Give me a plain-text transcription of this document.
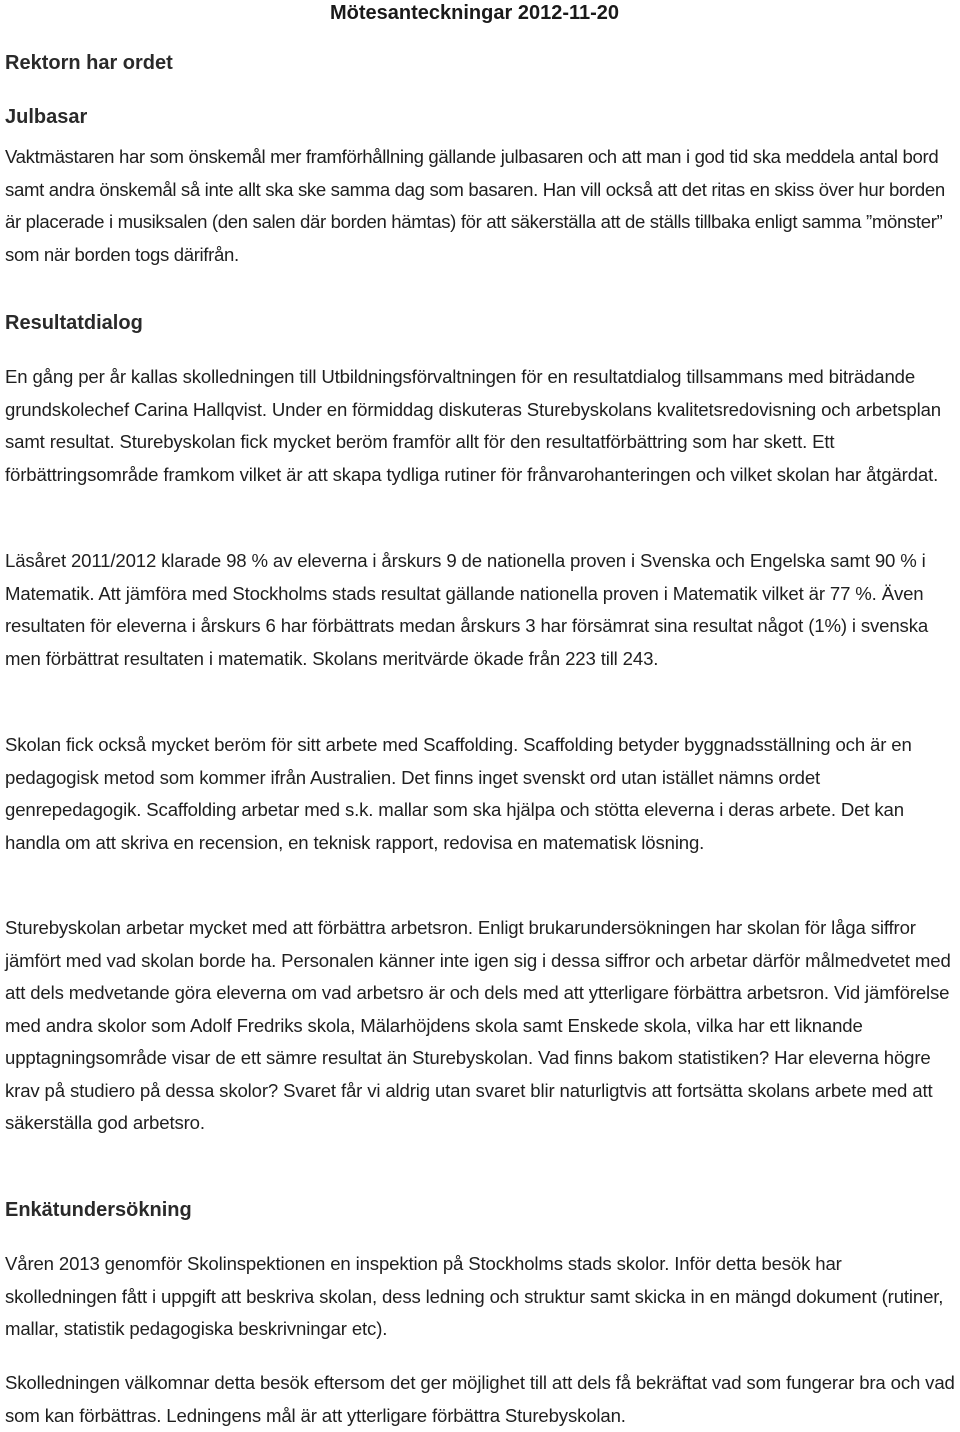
Mötesanteckningar 2012-11-20
Rektorn har ordet
Julbasar

Vaktmästaren har som önskemål mer framförhållning gällande julbasaren och att man i god tid ska meddela antal bord samt andra önskemål så inte allt ska ske samma dag som basaren. Han vill också att det ritas en skiss över hur borden är placerade i musiksalen (den salen där borden hämtas) för att säkerställa att de ställs tillbaka enligt samma ”mönster” som när borden togs därifrån.

Resultatdialog

En gång per år kallas skolledningen till Utbildningsförvaltningen för en resultatdialog tillsammans med biträdande grundskolechef Carina Hallqvist. Under en förmiddag diskuteras Sturebyskolans kvalitetsredovisning och arbetsplan samt resultat. Sturebyskolan fick mycket beröm framför allt för den resultatförbättring som har skett. Ett förbättringsområde framkom vilket är att skapa tydliga rutiner för frånvarohanteringen och vilket skolan har åtgärdat.

Läsåret 2011/2012 klarade 98 % av eleverna i årskurs 9 de nationella proven i Svenska och Engelska samt 90 % i Matematik. Att jämföra med Stockholms stads resultat gällande nationella proven i Matematik vilket är 77 %. Även resultaten för eleverna i årskurs 6 har förbättrats medan årskurs 3 har försämrat sina resultat något (1%) i svenska men förbättrat resultaten i matematik. Skolans meritvärde ökade från 223 till 243.

Skolan fick också mycket beröm för sitt arbete med Scaffolding. Scaffolding betyder byggnadsställning och är en pedagogisk metod som kommer ifrån Australien. Det finns inget svenskt ord utan istället nämns ordet genrepedagogik. Scaffolding arbetar med s.k. mallar som ska hjälpa och stötta eleverna i deras arbete. Det kan handla om att skriva en recension, en teknisk rapport, redovisa en matematisk lösning.

Sturebyskolan arbetar mycket med att förbättra arbetsron. Enligt brukarundersökningen har skolan för låga siffror jämfört med vad skolan borde ha. Personalen känner inte igen sig i dessa siffror och arbetar därför målmedvetet med att dels medvetande göra eleverna om vad arbetsro är och dels med att ytterligare förbättra arbetsron. Vid jämförelse med andra skolor som Adolf Fredriks skola, Mälarhöjdens skola samt Enskede skola, vilka har ett liknande upptagningsområde visar de ett sämre resultat än Sturebyskolan. Vad finns bakom statistiken? Har eleverna högre krav på studiero på dessa skolor? Svaret får vi aldrig utan svaret blir naturligtvis att fortsätta skolans arbete med att säkerställa god arbetsro.

Enkätundersökning

Våren 2013 genomför Skolinspektionen en inspektion på Stockholms stads skolor. Inför detta besök har skolledningen fått i uppgift att beskriva skolan, dess ledning och struktur samt skicka in en mängd dokument (rutiner, mallar, statistik pedagogiska beskrivningar etc).

Skolledningen välkomnar detta besök eftersom det ger möjlighet till att dels få bekräftat vad som fungerar bra och vad som kan förbättras. Ledningens mål är att ytterligare förbättra Sturebyskolan.
